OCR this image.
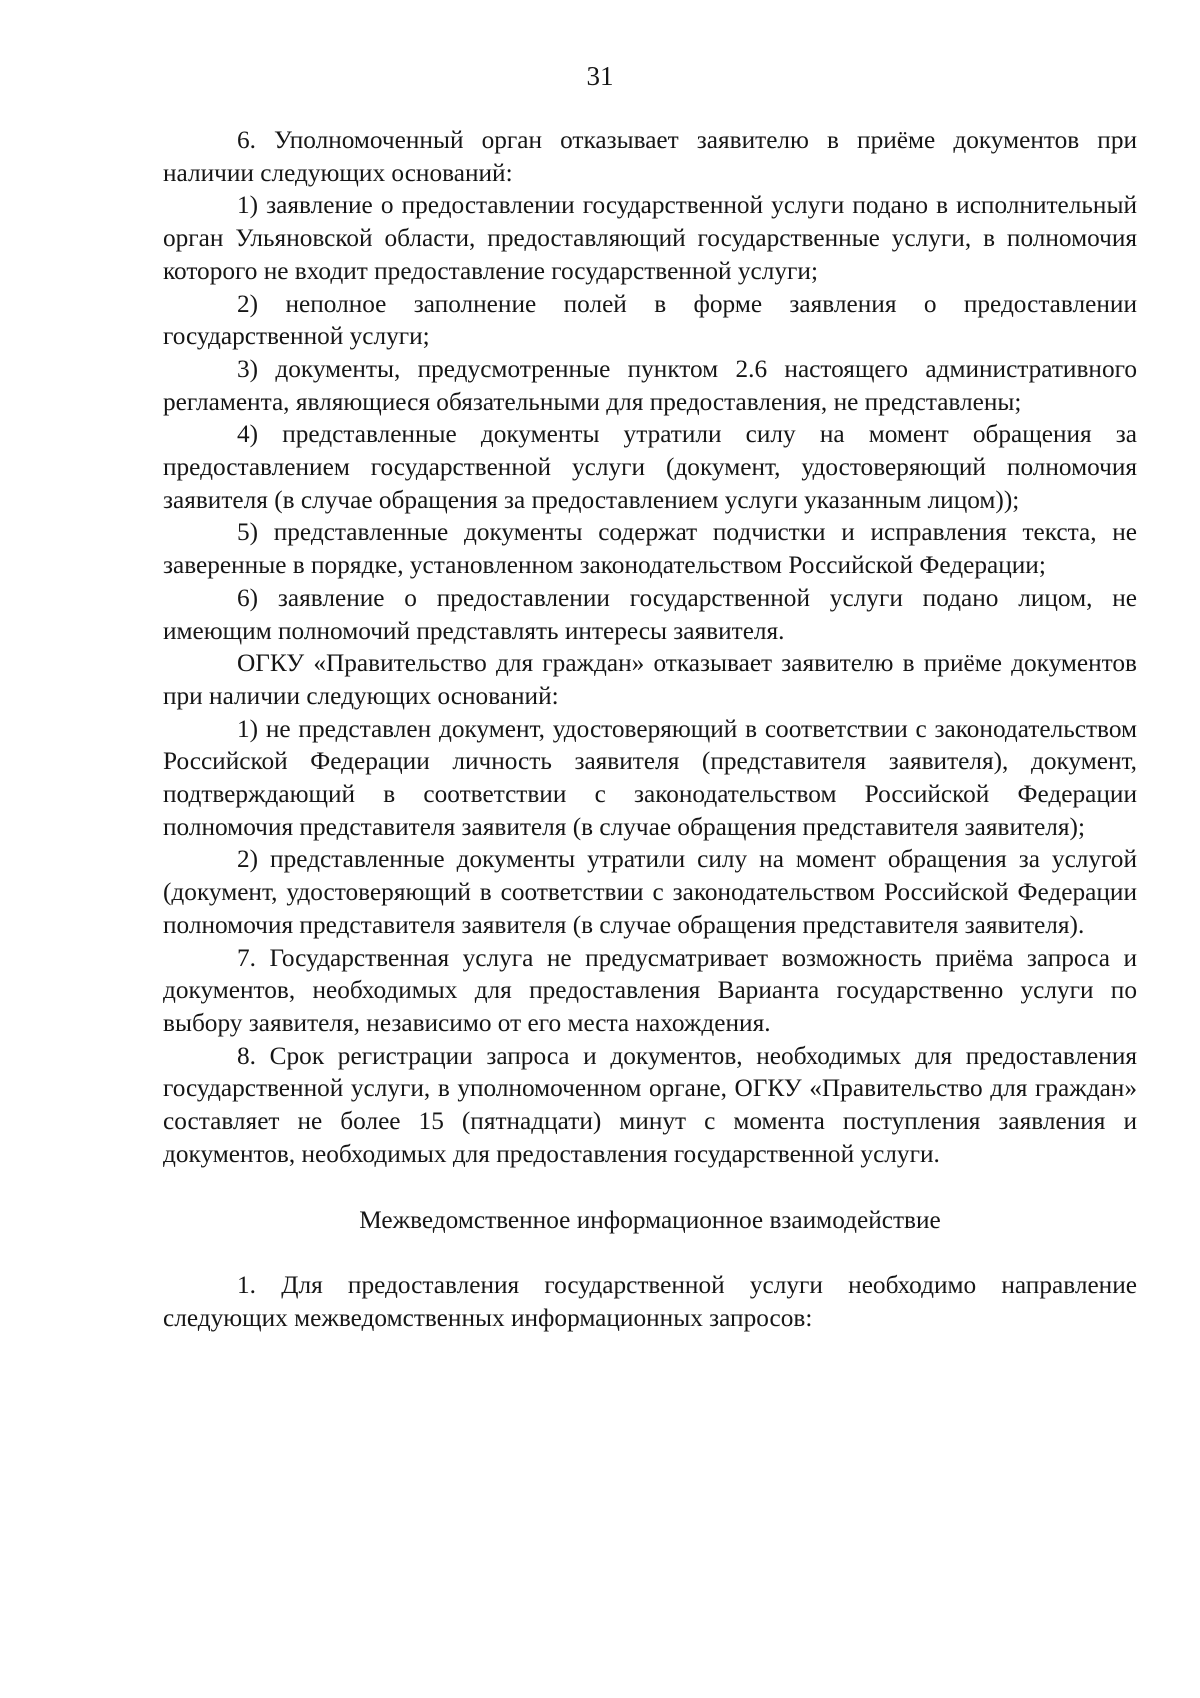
31

6. Уполномоченный орган отказывает заявителю в приёме документов при наличии следующих оснований:

1) заявление о предоставлении государственной услуги подано в исполнительный орган Ульяновской области, предоставляющий государственные услуги, в полномочия которого не входит предоставление государственной услуги;

2) неполное заполнение полей в форме заявления о предоставлении государственной услуги;

3) документы, предусмотренные пунктом 2.6 настоящего административного регламента, являющиеся обязательными для предоставления, не представлены;

4) представленные документы утратили силу на момент обращения за предоставлением государственной услуги (документ, удостоверяющий полномочия заявителя (в случае обращения за предоставлением услуги указанным лицом));

5) представленные документы содержат подчистки и исправления текста, не заверенные в порядке, установленном законодательством Российской Федерации;

6) заявление о предоставлении государственной услуги подано лицом, не имеющим полномочий представлять интересы заявителя.

ОГКУ «Правительство для граждан» отказывает заявителю в приёме документов при наличии следующих оснований:

1) не представлен документ, удостоверяющий в соответствии с законодательством Российской Федерации личность заявителя (представителя заявителя), документ, подтверждающий в соответствии с законодательством Российской Федерации полномочия представителя заявителя (в случае обращения представителя заявителя);

2) представленные документы утратили силу на момент обращения за услугой (документ, удостоверяющий в соответствии с законодательством Российской Федерации полномочия представителя заявителя (в случае обращения представителя заявителя).

7. Государственная услуга не предусматривает возможность приёма запроса и документов, необходимых для предоставления Варианта государственно услуги по выбору заявителя, независимо от его места нахождения.

8. Срок регистрации запроса и документов, необходимых для предоставления государственной услуги, в уполномоченном органе, ОГКУ «Правительство для граждан» составляет не более 15 (пятнадцати) минут с момента поступления заявления и документов, необходимых для предоставления государственной услуги.

Межведомственное информационное взаимодействие

1. Для предоставления государственной услуги необходимо направление следующих межведомственных информационных запросов:
